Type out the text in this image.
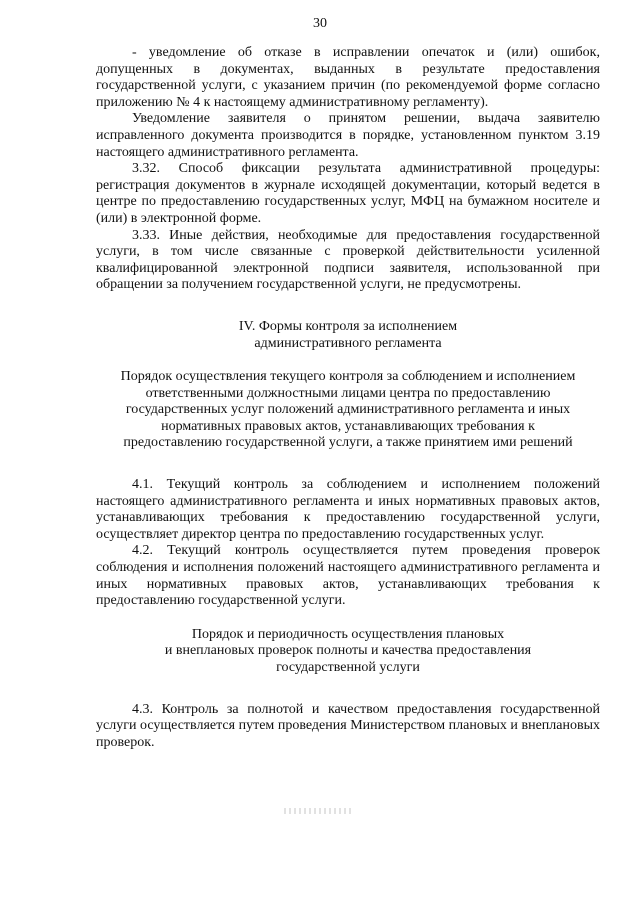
30

- уведомление об отказе в исправлении опечаток и (или) ошибок, допущенных в документах, выданных в результате предоставления государственной услуги, с указанием причин (по рекомендуемой форме согласно приложению № 4 к настоящему административному регламенту).

Уведомление заявителя о принятом решении, выдача заявителю исправленного документа производится в порядке, установленном пунктом 3.19 настоящего административного регламента.

3.32. Способ фиксации результата административной процедуры: регистрация документов в журнале исходящей документации, который ведется в центре по предоставлению государственных услуг, МФЦ на бумажном носителе и (или) в электронной форме.

3.33. Иные действия, необходимые для предоставления государственной услуги, в том числе связанные с проверкой действительности усиленной квалифицированной электронной подписи заявителя, использованной при обращении за получением государственной услуги, не предусмотрены.

IV. Формы контроля за исполнением
административного регламента
Порядок осуществления текущего контроля за соблюдением и исполнением
ответственными должностными лицами центра по предоставлению
государственных услуг положений административного регламента и иных
нормативных правовых актов, устанавливающих требования к
предоставлению государственной услуги, а также принятием ими решений

4.1. Текущий контроль за соблюдением и исполнением положений настоящего административного регламента и иных нормативных правовых актов, устанавливающих требования к предоставлению государственной услуги, осуществляет директор центра по предоставлению государственных услуг.

4.2. Текущий контроль осуществляется путем проведения проверок соблюдения и исполнения положений настоящего административного регламента и иных нормативных правовых актов, устанавливающих требования к предоставлению государственной услуги.

Порядок и периодичность осуществления плановых
и внеплановых проверок полноты и качества предоставления
государственной услуги

4.3. Контроль за полнотой и качеством предоставления государственной услуги осуществляется путем проведения Министерством плановых и внеплановых проверок.
